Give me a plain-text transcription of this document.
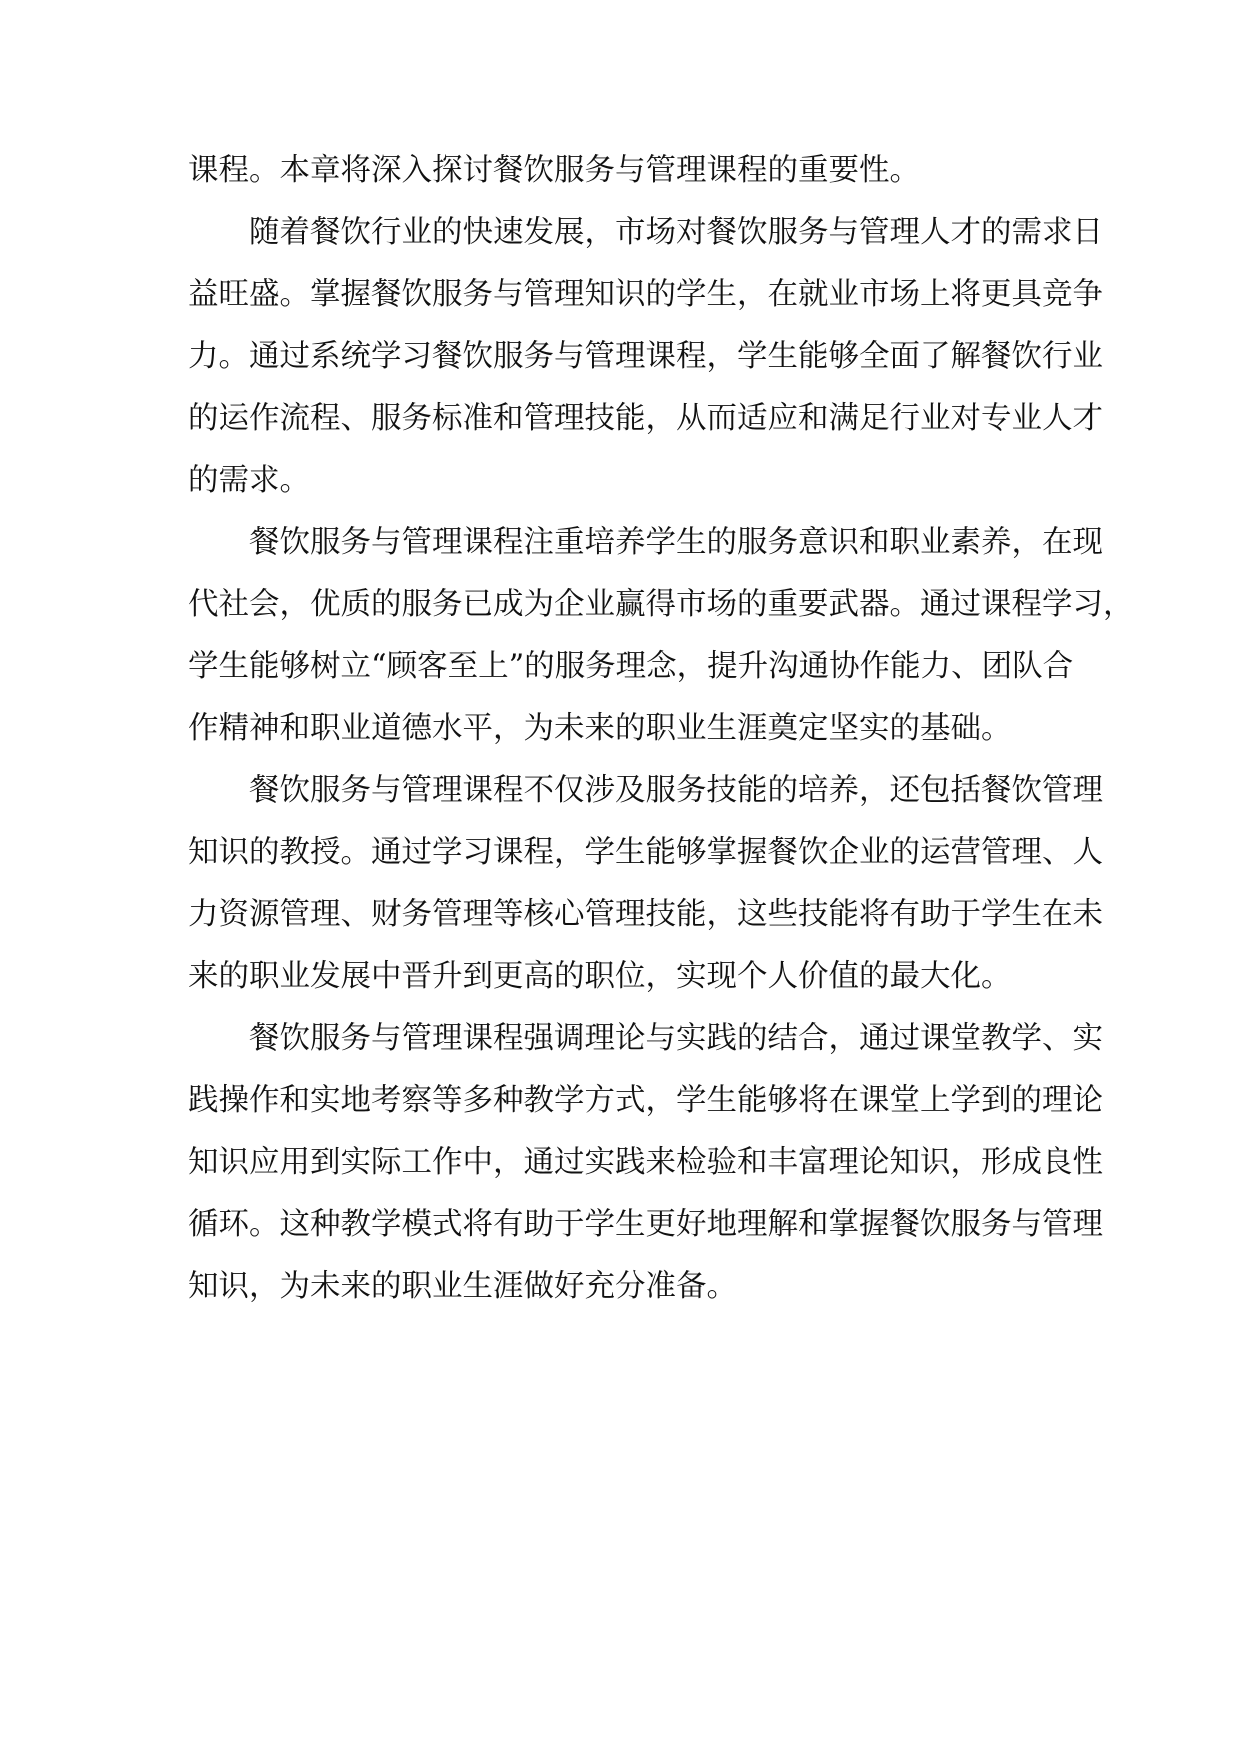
课程。本章将深入探讨餐饮服务与管理课程的重要性。
随着餐饮行业的快速发展，市场对餐饮服务与管理人才的需求日
益旺盛。掌握餐饮服务与管理知识的学生，在就业市场上将更具竞争
力。通过系统学习餐饮服务与管理课程，学生能够全面了解餐饮行业
的运作流程、服务标准和管理技能，从而适应和满足行业对专业人才
的需求。
餐饮服务与管理课程注重培养学生的服务意识和职业素养，在现
代社会，优质的服务已成为企业赢得市场的重要武器。通过课程学习，
学生能够树立“顾客至上”的服务理念，提升沟通协作能力、团队合
作精神和职业道德水平，为未来的职业生涯奠定坚实的基础。
餐饮服务与管理课程不仅涉及服务技能的培养，还包括餐饮管理
知识的教授。通过学习课程，学生能够掌握餐饮企业的运营管理、人
力资源管理、财务管理等核心管理技能，这些技能将有助于学生在未
来的职业发展中晋升到更高的职位，实现个人价值的最大化。
餐饮服务与管理课程强调理论与实践的结合，通过课堂教学、实
践操作和实地考察等多种教学方式，学生能够将在课堂上学到的理论
知识应用到实际工作中，通过实践来检验和丰富理论知识，形成良性
循环。这种教学模式将有助于学生更好地理解和掌握餐饮服务与管理
知识，为未来的职业生涯做好充分准备。
